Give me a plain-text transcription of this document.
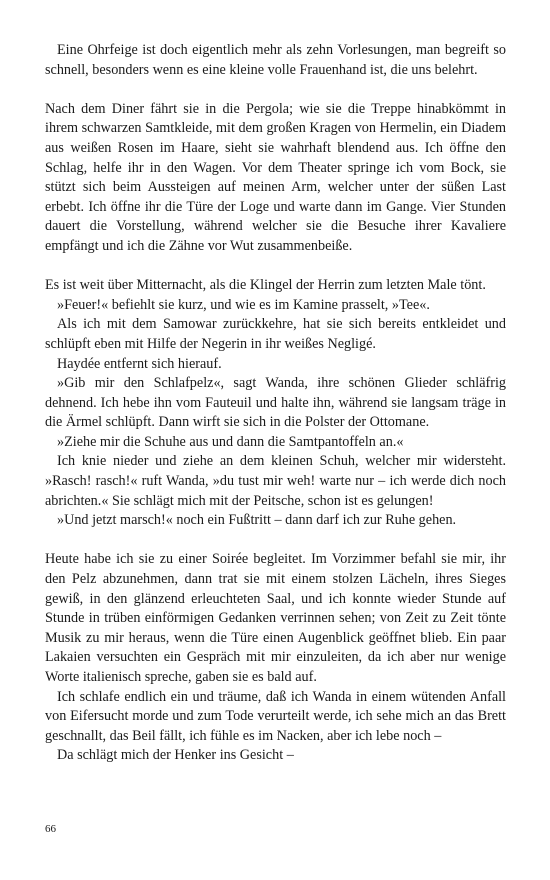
Eine Ohrfeige ist doch eigentlich mehr als zehn Vorlesungen, man begreift so schnell, besonders wenn es eine kleine volle Frauenhand ist, die uns belehrt.

Nach dem Diner fährt sie in die Pergola; wie sie die Treppe hinabkömmt in ihrem schwarzen Samtkleide, mit dem großen Kragen von Hermelin, ein Diadem aus weißen Rosen im Haare, sieht sie wahrhaft blendend aus. Ich öffne den Schlag, helfe ihr in den Wagen. Vor dem Theater springe ich vom Bock, sie stützt sich beim Aussteigen auf meinen Arm, welcher unter der süßen Last erbebt. Ich öffne ihr die Türe der Loge und warte dann im Gange. Vier Stunden dauert die Vorstellung, während welcher sie die Besuche ihrer Kavaliere empfängt und ich die Zähne vor Wut zusammenbeiße.

Es ist weit über Mitternacht, als die Klingel der Herrin zum letzten Male tönt.

»Feuer!« befiehlt sie kurz, und wie es im Kamine prasselt, »Tee«.

Als ich mit dem Samowar zurückkehre, hat sie sich bereits entkleidet und schlüpft eben mit Hilfe der Negerin in ihr weißes Negligé.

Haydée entfernt sich hierauf.

»Gib mir den Schlafpelz«, sagt Wanda, ihre schönen Glieder schläfrig dehnend. Ich hebe ihn vom Fauteuil und halte ihn, während sie langsam träge in die Ärmel schlüpft. Dann wirft sie sich in die Polster der Ottomane.

»Ziehe mir die Schuhe aus und dann die Samtpantoffeln an.«

Ich knie nieder und ziehe an dem kleinen Schuh, welcher mir widersteht. »Rasch! rasch!« ruft Wanda, »du tust mir weh! warte nur – ich werde dich noch abrichten.« Sie schlägt mich mit der Peitsche, schon ist es gelungen!

»Und jetzt marsch!« noch ein Fußtritt – dann darf ich zur Ruhe gehen.

Heute habe ich sie zu einer Soirée begleitet. Im Vorzimmer befahl sie mir, ihr den Pelz abzunehmen, dann trat sie mit einem stolzen Lächeln, ihres Sieges gewiß, in den glänzend erleuchteten Saal, und ich konnte wieder Stunde auf Stunde in trüben einförmigen Gedanken verrinnen sehen; von Zeit zu Zeit tönte Musik zu mir heraus, wenn die Türe einen Augenblick geöffnet blieb. Ein paar Lakaien versuchten ein Gespräch mit mir einzuleiten, da ich aber nur wenige Worte italienisch spreche, gaben sie es bald auf.

Ich schlafe endlich ein und träume, daß ich Wanda in einem wütenden Anfall von Eifersucht morde und zum Tode verurteilt werde, ich sehe mich an das Brett geschnallt, das Beil fällt, ich fühle es im Nacken, aber ich lebe noch –

Da schlägt mich der Henker ins Gesicht –

66
